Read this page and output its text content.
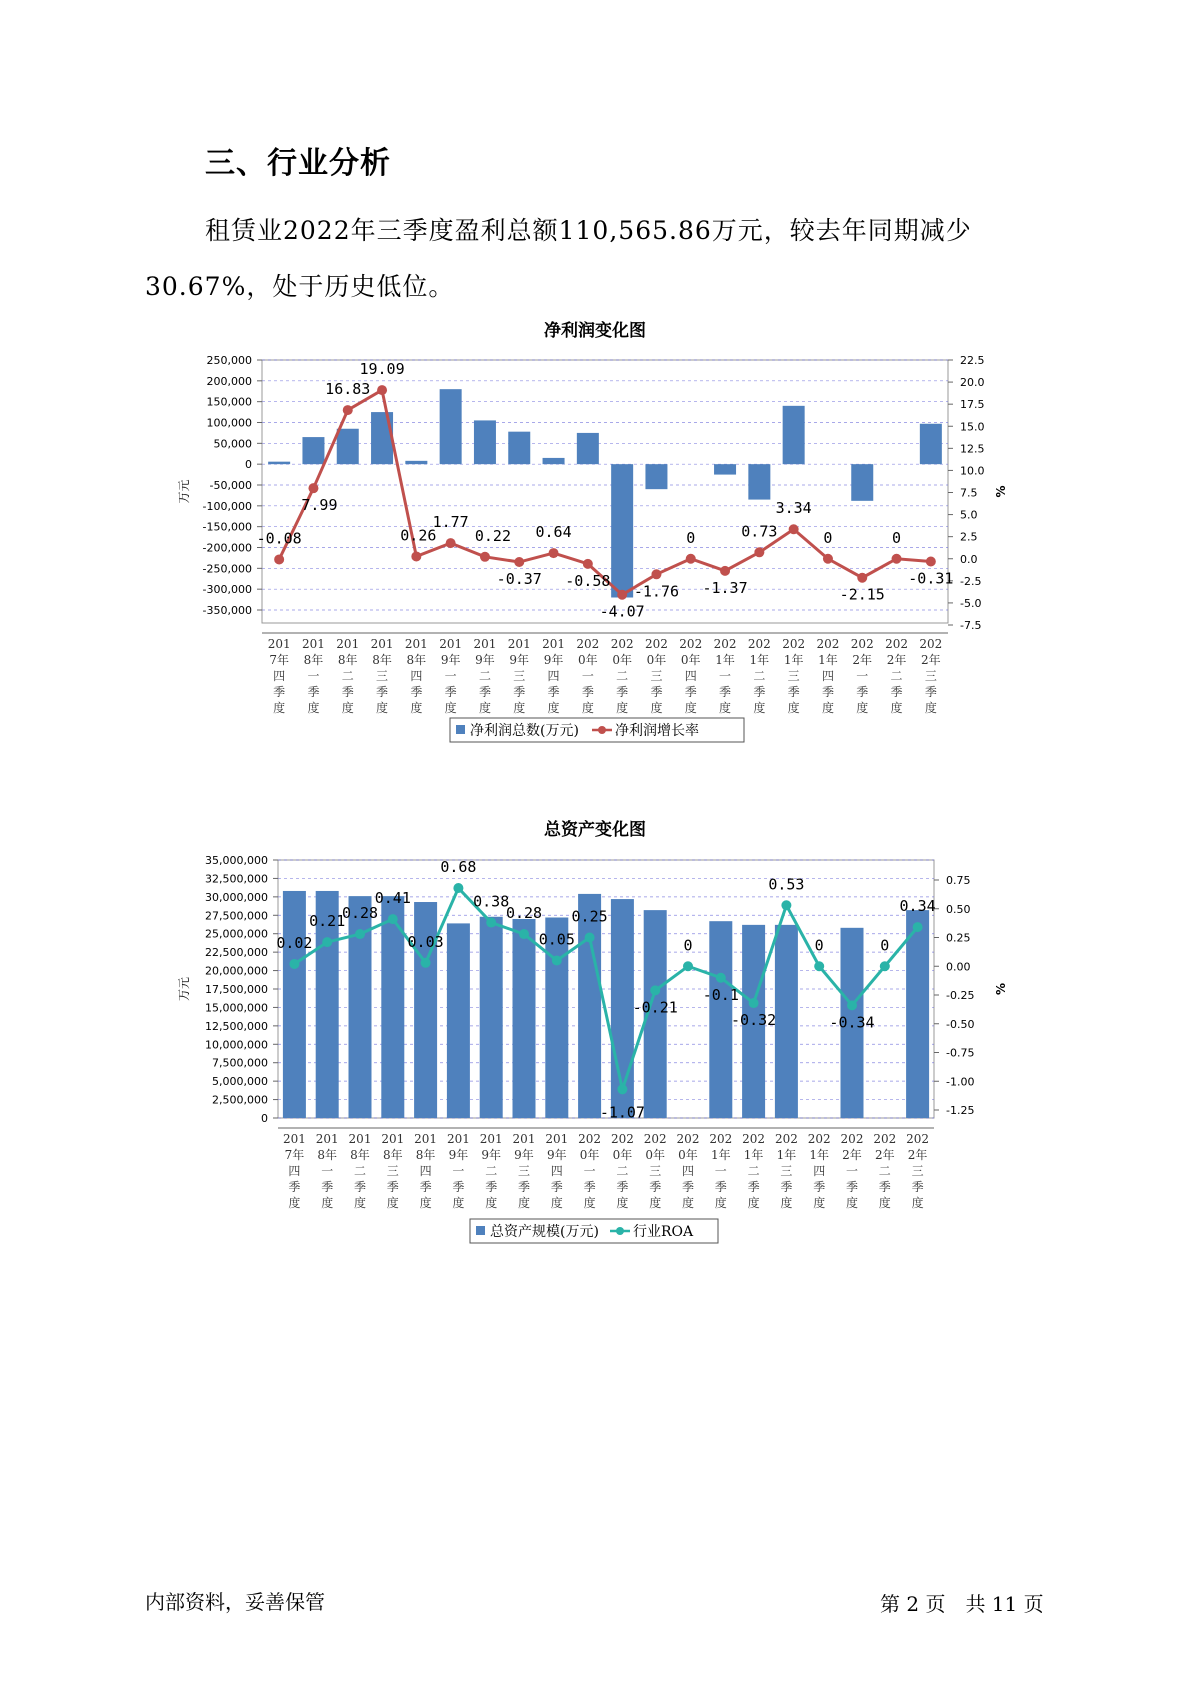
三、行业分析
租赁业2022年三季度盈利总额110,565.86万元，较去年同期减少30.67%，处于历史低位。
净利润变化图
250,000
200,000
150,000
100,000
50,000
0
-50,000
-100,000
-150,000
-200,000
-250,000
-300,000
-350,000
22.5
20.0
17.5
15.0
12.5
10.0
7.5
5.0
2.5
0.0
-2.5
-5.0
-7.5
万元	%
201
7年
四
季
度
201
8年
一
季
度
201
8年
二
季
度
201
8年
三
季
度
201
8年
四
季
度
201
9年
一
季
度
201
9年
二
季
度
201
9年
三
季
度
201
9年
四
季
度
202
0年
一
季
度
202
0年
二
季
度
202
0年
三
季
度
202
0年
四
季
度
202
1年
一
季
度
202
1年
二
季
度
202
1年
三
季
度
202
1年
四
季
度
202
2年
一
季
度
202
2年
二
季
度
202
2年
三
季
度
-0.08
7.99
16.83
19.09
0.26
1.77
0.22
-0.37
0.64
-0.58
-4.07
-1.76
0
-1.37
0.73
3.34
0
-2.15
0
-0.31
净利润总数(万元)	净利润增长率
总资产变化图
35,000,000
32,500,000
30,000,000
27,500,000
25,000,000
22,500,000
20,000,000
17,500,000
15,000,000
12,500,000
10,000,000
7,500,000
5,000,000
2,500,000
0
0.75
0.50
0.25
0.00
-0.25
-0.50
-0.75
-1.00
-1.25
万元	%
201
7年
四
季
度
201
8年
一
季
度
201
8年
二
季
度
201
8年
三
季
度
201
8年
四
季
度
201
9年
一
季
度
201
9年
二
季
度
201
9年
三
季
度
201
9年
四
季
度
202
0年
一
季
度
202
0年
二
季
度
202
0年
三
季
度
202
0年
四
季
度
202
1年
一
季
度
202
1年
二
季
度
202
1年
三
季
度
202
1年
四
季
度
202
2年
一
季
度
202
2年
二
季
度
202
2年
三
季
度
0.02
0.21
0.28
0.41
0.03
0.68
0.38
0.28
0.05
0.25
-1.07
-0.21
0
-0.1
-0.32
0.53
0
-0.34
0
0.34
总资产规模(万元) 行业ROA
内部资料，妥善保管	第 2 页　共 11 页
